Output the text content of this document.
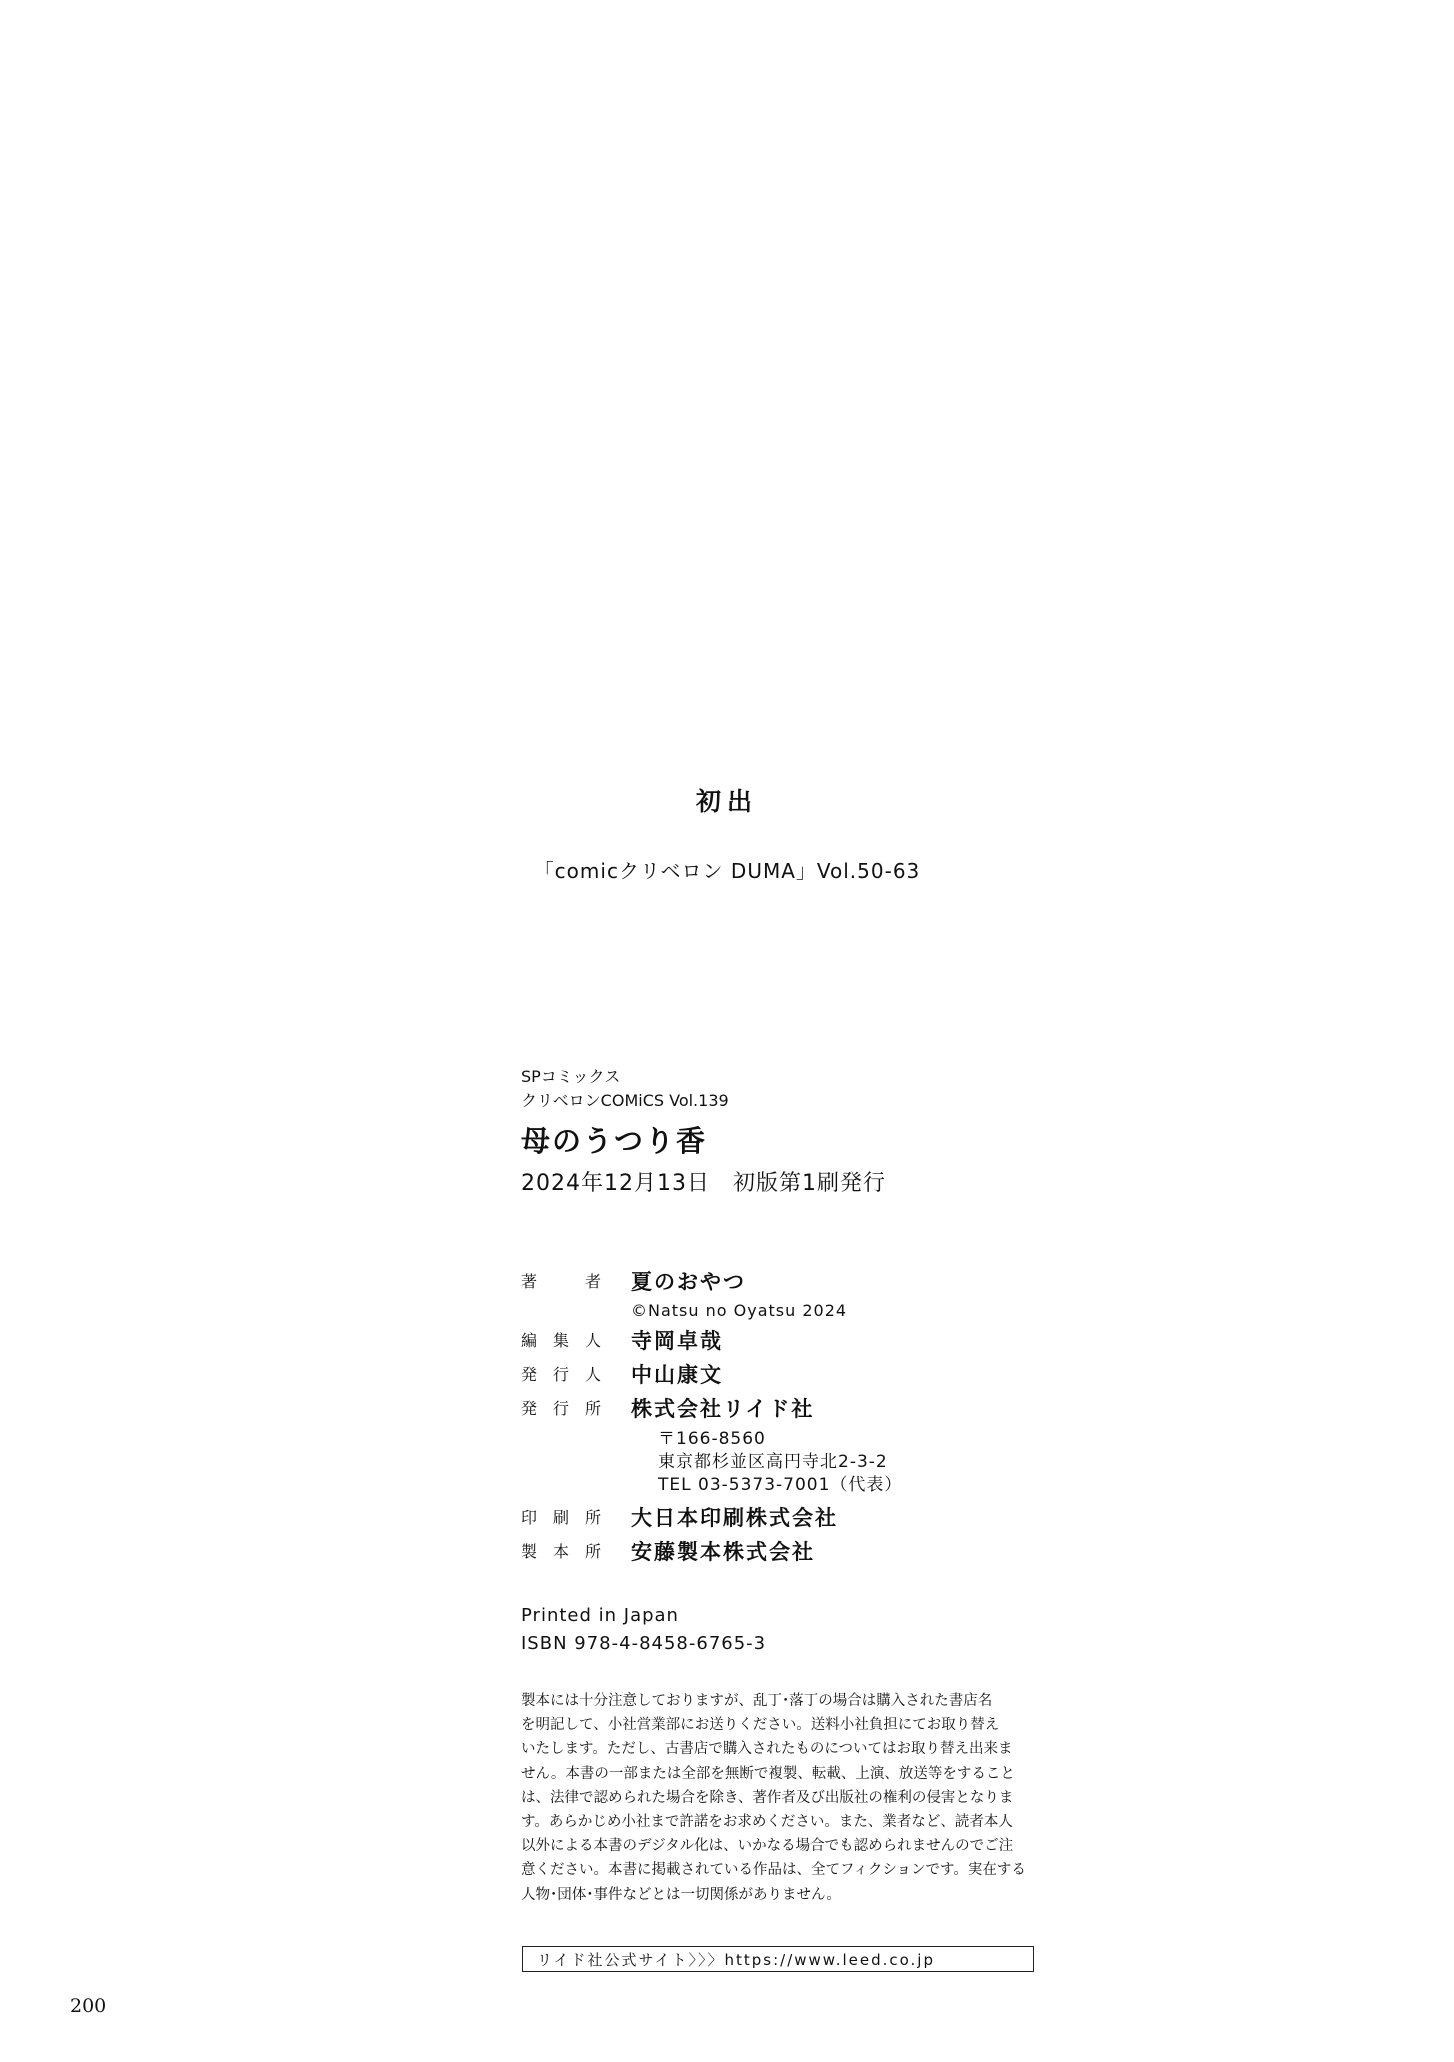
初出
「comicクリベロン DUMA」Vol.50-63
SPコミックス
クリベロンCOMiCS Vol.139
母のうつり香
2024年12月13日　初版第1刷発行
著	者 夏のおやつ
©Natsu no Oyatsu 2024
編 集 人 寺岡卓哉
発 行 人 中山康文
発 行 所 株式会社リイド社
〒166-8560
東京都杉並区高円寺北2-3-2
TEL 03-5373-7001（代表）
印 刷 所 大日本印刷株式会社
製 本 所 安藤製本株式会社
Printed in Japan
ISBN 978-4-8458-6765-3
製本には十分注意しておりますが、乱丁･落丁の場合は購入された書店名
を明記して、小社営業部にお送りください。送料小社負担にてお取り替え
いたします。ただし、古書店で購入されたものについてはお取り替え出来ま
せん。本書の一部または全部を無断で複製、転載、上演、放送等をすること
は、法律で認められた場合を除き、著作者及び出版社の権利の侵害となりま
す。あらかじめ小社まで許諾をお求めください。また、業者など、読者本人
以外による本書のデジタル化は、いかなる場合でも認められませんのでご注
意ください。本書に掲載されている作品は、全てフィクションです。実在する
人物･団体･事件などとは一切関係がありません。
リイド社公式サイト〉〉〉https://www.leed.co.jp
200
